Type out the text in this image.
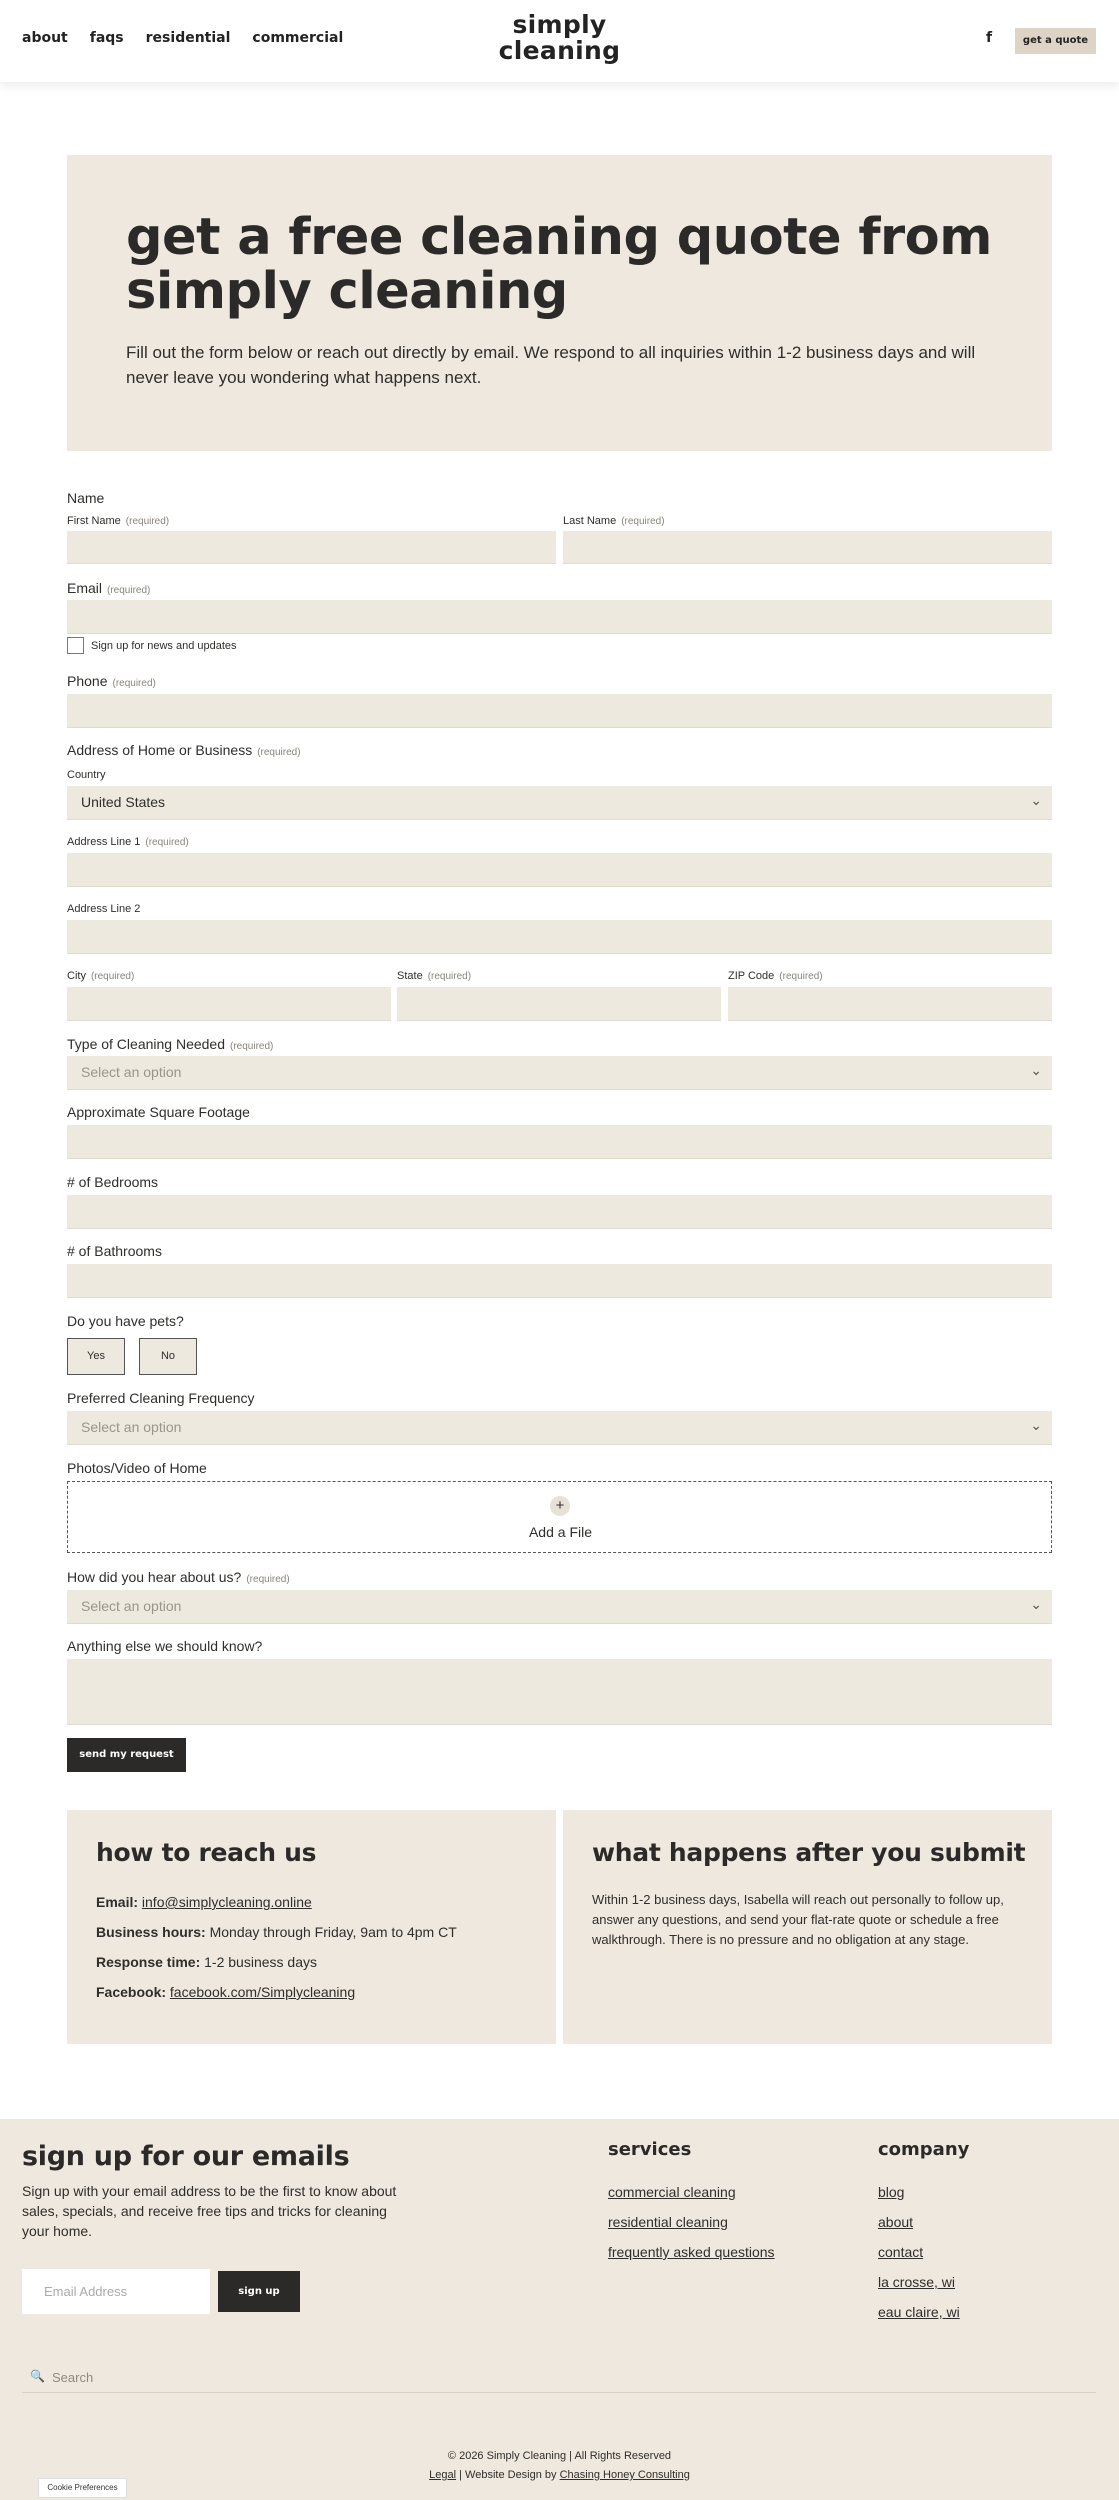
about faqs residential commercial	simply
cleaning	f	get a quote
get a free cleaning quote from simply cleaning

Fill out the form below or reach out directly by email. We respond to all inquiries within 1-2 business days and will never leave you wondering what happens next.

Name
First Name (required)	Last Name (required)
Email (required)
Sign up for news and updates
Phone (required)
Address of Home or Business (required)
Country
United States	⌄
Address Line 1 (required)
Address Line 2
City (required)	State (required)	ZIP Code (required)
Type of Cleaning Needed (required)
Select an option	⌄
Approximate Square Footage
# of Bedrooms
# of Bathrooms
Do you have pets?
Yes	No
Preferred Cleaning Frequency
Select an option	⌄
Photos/Video of Home
+
Add a File
How did you hear about us? (required)
Select an option	⌄
Anything else we should know?
send my request
how to reach us
Email: info@simplycleaning.online
Business hours: Monday through Friday, 9am to 4pm CT
Response time: 1-2 business days
Facebook: facebook.com/Simplycleaning
what happens after you submit

Within 1-2 business days, Isabella will reach out personally to follow up, answer any questions, and send your flat-rate quote or schedule a free walkthrough. There is no pressure and no obligation at any stage.

sign up for our emails
Sign up with your email address to be the first to know about sales, specials, and receive free tips and tricks for cleaning your home.
Email Address	sign up
services
commercial cleaning
residential cleaning
frequently asked questions
company
blog
about
contact
la crosse, wi
eau claire, wi
🔍 Search
© 2026 Simply Cleaning | All Rights Reserved
Legal | Website Design by Chasing Honey Consulting
Cookie Preferences
